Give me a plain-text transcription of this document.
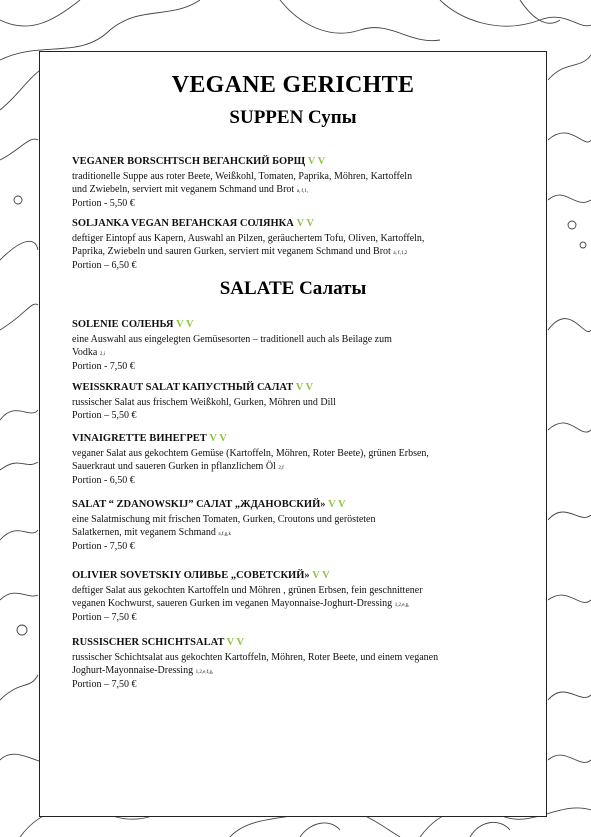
VEGANE GERICHTE
SUPPEN Супы
VEGANER BORSCHTSCH ВЕГАНСКИЙ БОРЩ V V
traditionelle Suppe aus roter Beete, Weißkohl, Tomaten, Paprika, Möhren, Kartoffeln
und Zwiebeln, serviert mit veganem Schmand und Brot a, f,1,
Portion - 5,50 €
SOLJANKA VEGAN ВЕГАНСКАЯ СОЛЯНКА V V
deftiger Eintopf aus Kapern, Auswahl an Pilzen, geräuchertem Tofu, Oliven, Kartoffeln,
Paprika, Zwiebeln und sauren Gurken, serviert mit veganem Schmand und Brot a, f,1,2
Portion – 6,50 €
SALATE Салаты
SOLENIE СОЛЕНЬЯ V V
eine Auswahl aus eingelegten Gemüsesorten – traditionell auch als Beilage zum
Vodka 2,i
Portion - 7,50 €
WEISSKRAUT SALAT КАПУСТНЫЙ САЛАТ V V
russischer Salat aus frischem Weißkohl, Gurken, Möhren und Dill
Portion – 5,50 €
VINAIGRETTE ВИНЕГРЕТ V V
veganer Salat aus gekochtem Gemüse (Kartoffeln, Möhren, Roter Beete), grünen Erbsen,
Sauerkraut und saueren Gurken in pflanzlichem Öl 2,f
Portion - 6,50 €
SALAT “ ZDANOWSKIJ” САЛАТ „ЖДАНОВСКИЙ» V V
eine Salatmischung mit frischen Tomaten, Gurken, Croutons und gerösteten
Salatkernen, mit veganem Schmand a,f,g,k
Portion - 7,50 €
OLIVIER SOVETSKIY ОЛИВЬЕ „СОВЕТСКИЙ» V V
deftiger Salat aus gekochten Kartoffeln und Möhren , grünen Erbsen, fein geschnittener
veganen Kochwurst, saueren Gurken im veganen Mayonnaise-Joghurt-Dressing 1,2,e,g,
Portion – 7,50 €
RUSSISCHER SCHICHTSALAT V V
russischer Schichtsalat aus gekochten Kartoffeln, Möhren, Roter Beete, und einem veganen
Joghurt-Mayonnaise-Dressing 1,2,e,f,g,
Portion – 7,50 €
